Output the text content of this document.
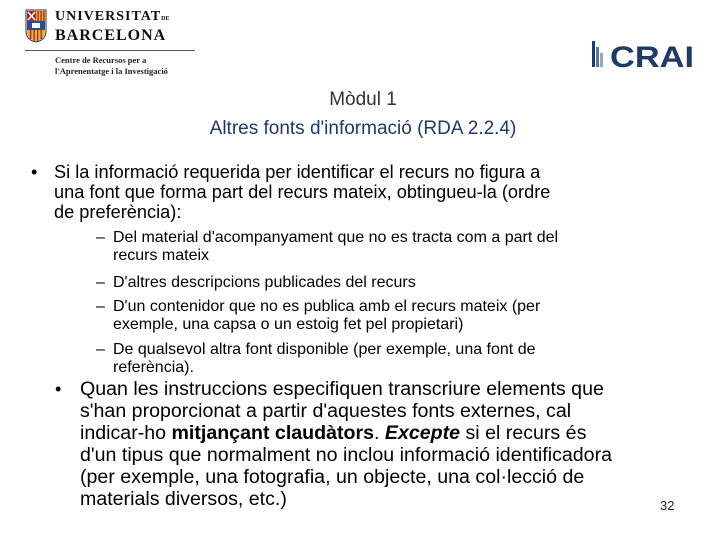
UNIVERSITATDE
BARCELONA
Centre de Recursos per a
l'Aprenentatge i la Investigació	CRAI
Mòdul 1
Altres fonts d'informació (RDA 2.2.4)
• Si la informació requerida per identificar el recurs no figura a
una font que forma part del recurs mateix, obtingueu-la (ordre
de preferència):
– Del material d'acompanyament que no es tracta com a part del
recurs mateix
– D'altres descripcions publicades del recurs
– D'un contenidor que no es publica amb el recurs mateix (per
exemple, una capsa o un estoig fet pel propietari)
– De qualsevol altra font disponible (per exemple, una font de
referència).
• Quan les instruccions especifiquen transcriure elements que
s'han proporcionat a partir d'aquestes fonts externes, cal
indicar-ho mitjançant claudàtors. Excepte si el recurs és
d'un tipus que normalment no inclou informació identificadora
(per exemple, una fotografia, un objecte, una col·lecció de
materials diversos, etc.)	32
